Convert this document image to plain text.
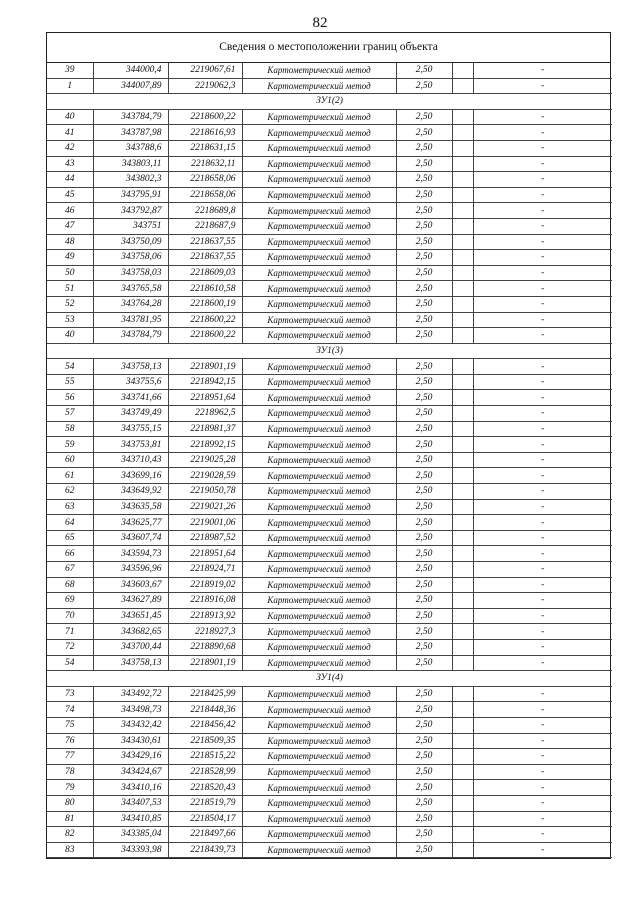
82
Сведения о местоположении границ объекта
39	344000,4	2219067,61	Картометрический метод	2,50		-
1	344007,89	2219062,3	Картометрический метод	2,50		-
ЗУ1(2)						
40	343784,79	2218600,22	Картометрический метод	2,50		-
41	343787,98	2218616,93	Картометрический метод	2,50		-
42	343788,6	2218631,15	Картометрический метод	2,50		-
43	343803,11	2218632,11	Картометрический метод	2,50		-
44	343802,3	2218658,06	Картометрический метод	2,50		-
45	343795,91	2218658,06	Картометрический метод	2,50		-
46	343792,87	2218689,8	Картометрический метод	2,50		-
47	343751	2218687,9	Картометрический метод	2,50		-
48	343750,09	2218637,55	Картометрический метод	2,50		-
49	343758,06	2218637,55	Картометрический метод	2,50		-
50	343758,03	2218609,03	Картометрический метод	2,50		-
51	343765,58	2218610,58	Картометрический метод	2,50		-
52	343764,28	2218600,19	Картометрический метод	2,50		-
53	343781,95	2218600,22	Картометрический метод	2,50		-
40	343784,79	2218600,22	Картометрический метод	2,50		-
ЗУ1(3)						
54	343758,13	2218901,19	Картометрический метод	2,50		-
55	343755,6	2218942,15	Картометрический метод	2,50		-
56	343741,66	2218951,64	Картометрический метод	2,50		-
57	343749,49	2218962,5	Картометрический метод	2,50		-
58	343755,15	2218981,37	Картометрический метод	2,50		-
59	343753,81	2218992,15	Картометрический метод	2,50		-
60	343710,43	2219025,28	Картометрический метод	2,50		-
61	343699,16	2219028,59	Картометрический метод	2,50		-
62	343649,92	2219050,78	Картометрический метод	2,50		-
63	343635,58	2219021,26	Картометрический метод	2,50		-
64	343625,77	2219001,06	Картометрический метод	2,50		-
65	343607,74	2218987,52	Картометрический метод	2,50		-
66	343594,73	2218951,64	Картометрический метод	2,50		-
67	343596,96	2218924,71	Картометрический метод	2,50		-
68	343603,67	2218919,02	Картометрический метод	2,50		-
69	343627,89	2218916,08	Картометрический метод	2,50		-
70	343651,45	2218913,92	Картометрический метод	2,50		-
71	343682,65	2218927,3	Картометрический метод	2,50		-
72	343700,44	2218890,68	Картометрический метод	2,50		-
54	343758,13	2218901,19	Картометрический метод	2,50		-
ЗУ1(4)						
73	343492,72	2218425,99	Картометрический метод	2,50		-
74	343498,73	2218448,36	Картометрический метод	2,50		-
75	343432,42	2218456,42	Картометрический метод	2,50		-
76	343430,61	2218509,35	Картометрический метод	2,50		-
77	343429,16	2218515,22	Картометрический метод	2,50		-
78	343424,67	2218528,99	Картометрический метод	2,50		-
79	343410,16	2218520,43	Картометрический метод	2,50		-
80	343407,53	2218519,79	Картометрический метод	2,50		-
81	343410,85	2218504,17	Картометрический метод	2,50		-
82	343385,04	2218497,66	Картометрический метод	2,50		-
83	343393,98	2218439,73	Картометрический метод	2,50		-
